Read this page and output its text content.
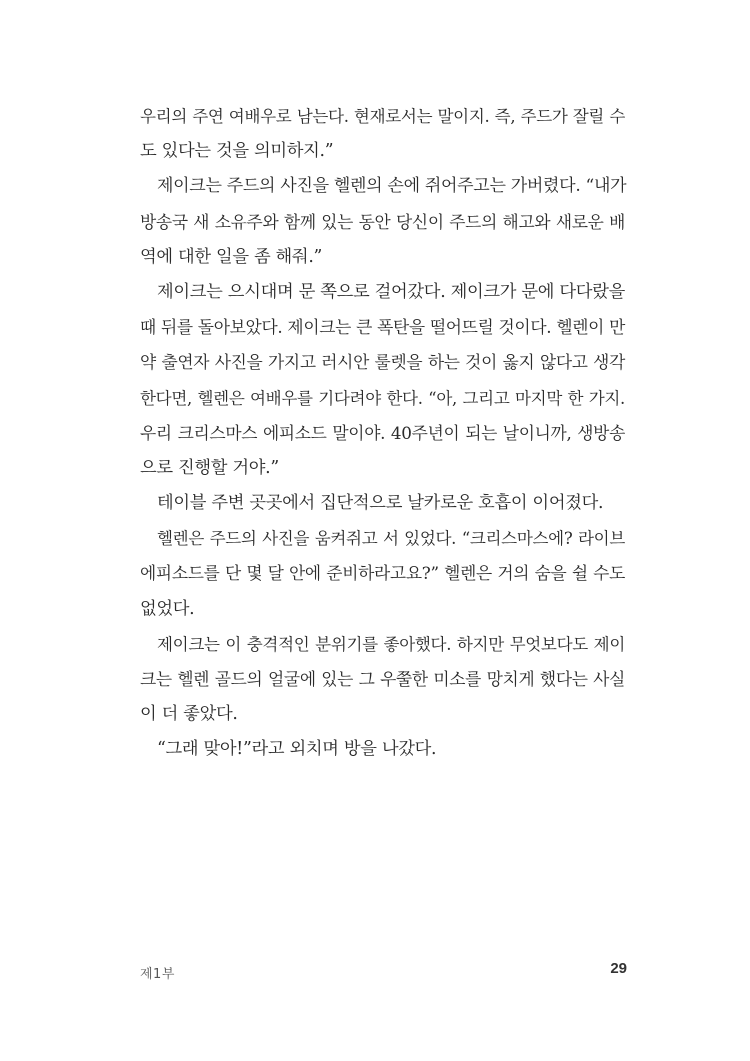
우리의 주연 여배우로 남는다. 현재로서는 말이지. 즉, 주드가 잘릴 수
도 있다는 것을 의미하지.”
제이크는 주드의 사진을 헬렌의 손에 쥐어주고는 가버렸다. “내가
방송국 새 소유주와 함께 있는 동안 당신이 주드의 해고와 새로운 배
역에 대한 일을 좀 해줘.”
제이크는 으시대며 문 쪽으로 걸어갔다. 제이크가 문에 다다랐을
때 뒤를 돌아보았다. 제이크는 큰 폭탄을 떨어뜨릴 것이다. 헬렌이 만
약 출연자 사진을 가지고 러시안 룰렛을 하는 것이 옳지 않다고 생각
한다면, 헬렌은 여배우를 기다려야 한다. “아, 그리고 마지막 한 가지.
우리 크리스마스 에피소드 말이야. 40주년이 되는 날이니까, 생방송
으로 진행할 거야.”
테이블 주변 곳곳에서 집단적으로 날카로운 호흡이 이어졌다.
헬렌은 주드의 사진을 움켜쥐고 서 있었다. “크리스마스에? 라이브
에피소드를 단 몇 달 안에 준비하라고요?” 헬렌은 거의 숨을 쉴 수도
없었다.
제이크는 이 충격적인 분위기를 좋아했다. 하지만 무엇보다도 제이
크는 헬렌 골드의 얼굴에 있는 그 우쭐한 미소를 망치게 했다는 사실
이 더 좋았다.
“그래 맞아!”라고 외치며 방을 나갔다.
제1부	29
